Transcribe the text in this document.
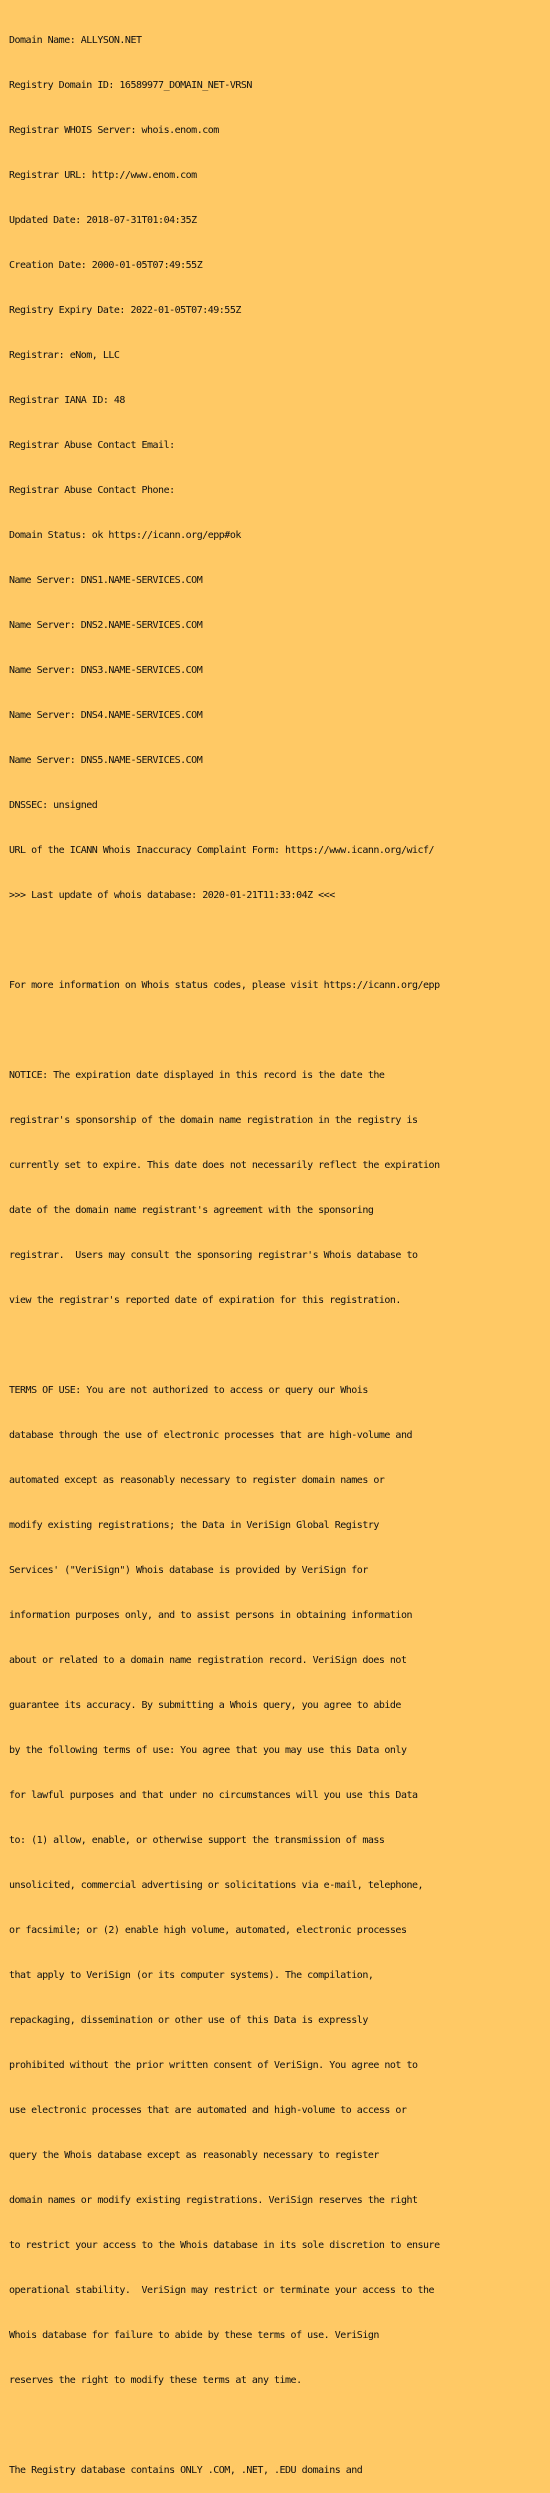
Domain Name: ALLYSON.NET

Registry Domain ID: 16589977_DOMAIN_NET-VRSN

Registrar WHOIS Server: whois.enom.com

Registrar URL: http://www.enom.com

Updated Date: 2018-07-31T01:04:35Z

Creation Date: 2000-01-05T07:49:55Z

Registry Expiry Date: 2022-01-05T07:49:55Z

Registrar: eNom, LLC

Registrar IANA ID: 48

Registrar Abuse Contact Email:

Registrar Abuse Contact Phone:

Domain Status: ok https://icann.org/epp#ok

Name Server: DNS1.NAME-SERVICES.COM

Name Server: DNS2.NAME-SERVICES.COM

Name Server: DNS3.NAME-SERVICES.COM

Name Server: DNS4.NAME-SERVICES.COM

Name Server: DNS5.NAME-SERVICES.COM

DNSSEC: unsigned

URL of the ICANN Whois Inaccuracy Complaint Form: https://www.icann.org/wicf/

>>> Last update of whois database: 2020-01-21T11:33:04Z <<<

For more information on Whois status codes, please visit https://icann.org/epp

NOTICE: The expiration date displayed in this record is the date the

registrar's sponsorship of the domain name registration in the registry is

currently set to expire. This date does not necessarily reflect the expiration

date of the domain name registrant's agreement with the sponsoring

registrar.  Users may consult the sponsoring registrar's Whois database to

view the registrar's reported date of expiration for this registration.

TERMS OF USE: You are not authorized to access or query our Whois

database through the use of electronic processes that are high-volume and

automated except as reasonably necessary to register domain names or

modify existing registrations; the Data in VeriSign Global Registry

Services' ("VeriSign") Whois database is provided by VeriSign for

information purposes only, and to assist persons in obtaining information

about or related to a domain name registration record. VeriSign does not

guarantee its accuracy. By submitting a Whois query, you agree to abide

by the following terms of use: You agree that you may use this Data only

for lawful purposes and that under no circumstances will you use this Data

to: (1) allow, enable, or otherwise support the transmission of mass

unsolicited, commercial advertising or solicitations via e-mail, telephone,

or facsimile; or (2) enable high volume, automated, electronic processes

that apply to VeriSign (or its computer systems). The compilation,

repackaging, dissemination or other use of this Data is expressly

prohibited without the prior written consent of VeriSign. You agree not to

use electronic processes that are automated and high-volume to access or

query the Whois database except as reasonably necessary to register

domain names or modify existing registrations. VeriSign reserves the right

to restrict your access to the Whois database in its sole discretion to ensure

operational stability.  VeriSign may restrict or terminate your access to the

Whois database for failure to abide by these terms of use. VeriSign

reserves the right to modify these terms at any time.

The Registry database contains ONLY .COM, .NET, .EDU domains and
